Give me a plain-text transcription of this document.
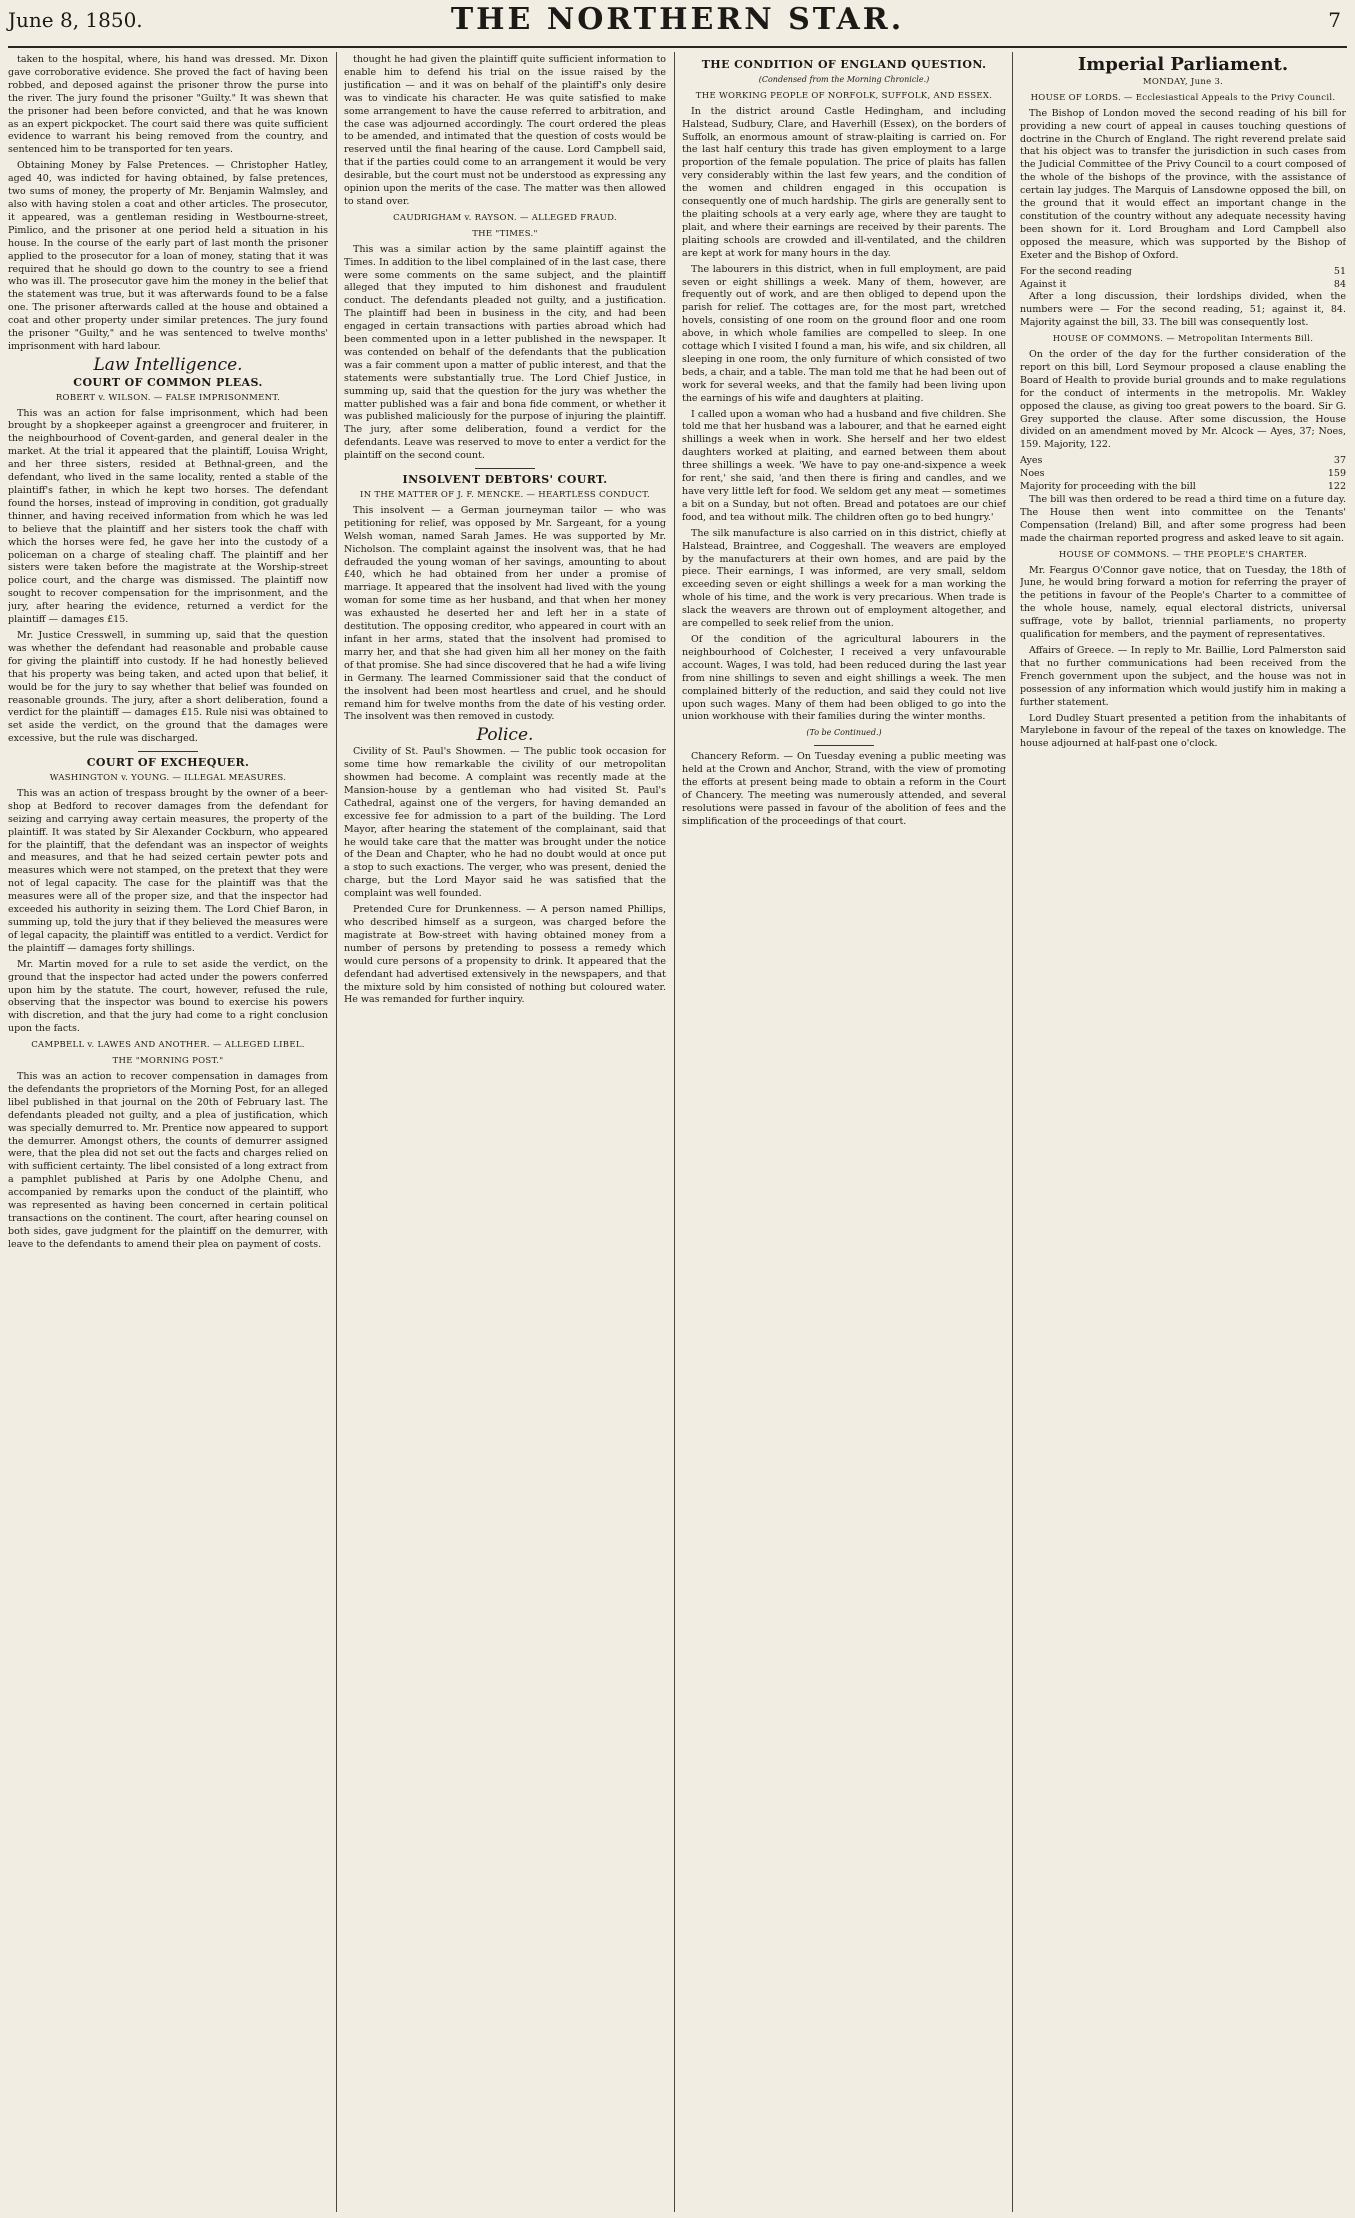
June 8, 1850.	THE NORTHERN STAR.	7

taken to the hospital, where, his hand was dressed. Mr. Dixon gave corroborative evidence. She proved the fact of having been robbed, and deposed against the prisoner throw the purse into the river. The jury found the prisoner "Guilty." It was shewn that the prisoner had been before convicted, and that he was known as an expert pickpocket. The court said there was quite sufficient evidence to warrant his being removed from the country, and sentenced him to be transported for ten years.

Obtaining Money by False Pretences. — Christopher Hatley, aged 40, was indicted for having obtained, by false pretences, two sums of money, the property of Mr. Benjamin Walmsley, and also with having stolen a coat and other articles. The prosecutor, it appeared, was a gentleman residing in Westbourne-street, Pimlico, and the prisoner at one period held a situation in his house. In the course of the early part of last month the prisoner applied to the prosecutor for a loan of money, stating that it was required that he should go down to the country to see a friend who was ill. The prosecutor gave him the money in the belief that the statement was true, but it was afterwards found to be a false one. The prisoner afterwards called at the house and obtained a coat and other property under similar pretences. The jury found the prisoner "Guilty," and he was sentenced to twelve months' imprisonment with hard labour.

Law Intelligence.
COURT OF COMMON PLEAS.
ROBERT v. WILSON. — FALSE IMPRISONMENT.

This was an action for false imprisonment, which had been brought by a shopkeeper against a greengrocer and fruiterer, in the neighbourhood of Covent-garden, and general dealer in the market. At the trial it appeared that the plaintiff, Louisa Wright, and her three sisters, resided at Bethnal-green, and the defendant, who lived in the same locality, rented a stable of the plaintiff's father, in which he kept two horses. The defendant found the horses, instead of improving in condition, got gradually thinner, and having received information from which he was led to believe that the plaintiff and her sisters took the chaff with which the horses were fed, he gave her into the custody of a policeman on a charge of stealing chaff. The plaintiff and her sisters were taken before the magistrate at the Worship-street police court, and the charge was dismissed. The plaintiff now sought to recover compensation for the imprisonment, and the jury, after hearing the evidence, returned a verdict for the plaintiff — damages £15.

Mr. Justice Cresswell, in summing up, said that the question was whether the defendant had reasonable and probable cause for giving the plaintiff into custody. If he had honestly believed that his property was being taken, and acted upon that belief, it would be for the jury to say whether that belief was founded on reasonable grounds. The jury, after a short deliberation, found a verdict for the plaintiff — damages £15. Rule nisi was obtained to set aside the verdict, on the ground that the damages were excessive, but the rule was discharged.

COURT OF EXCHEQUER.
WASHINGTON v. YOUNG. — ILLEGAL MEASURES.

This was an action of trespass brought by the owner of a beer-shop at Bedford to recover damages from the defendant for seizing and carrying away certain measures, the property of the plaintiff. It was stated by Sir Alexander Cockburn, who appeared for the plaintiff, that the defendant was an inspector of weights and measures, and that he had seized certain pewter pots and measures which were not stamped, on the pretext that they were not of legal capacity. The case for the plaintiff was that the measures were all of the proper size, and that the inspector had exceeded his authority in seizing them. The Lord Chief Baron, in summing up, told the jury that if they believed the measures were of legal capacity, the plaintiff was entitled to a verdict. Verdict for the plaintiff — damages forty shillings.

Mr. Martin moved for a rule to set aside the verdict, on the ground that the inspector had acted under the powers conferred upon him by the statute. The court, however, refused the rule, observing that the inspector was bound to exercise his powers with discretion, and that the jury had come to a right conclusion upon the facts.

CAMPBELL v. LAWES AND ANOTHER. — ALLEGED LIBEL.
THE "MORNING POST."

This was an action to recover compensation in damages from the defendants the proprietors of the Morning Post, for an alleged libel published in that journal on the 20th of February last. The defendants pleaded not guilty, and a plea of justification, which was specially demurred to. Mr. Prentice now appeared to support the demurrer. Amongst others, the counts of demurrer assigned were, that the plea did not set out the facts and charges relied on with sufficient certainty. The libel consisted of a long extract from a pamphlet published at Paris by one Adolphe Chenu, and accompanied by remarks upon the conduct of the plaintiff, who was represented as having been concerned in certain political transactions on the continent. The court, after hearing counsel on both sides, gave judgment for the plaintiff on the demurrer, with leave to the defendants to amend their plea on payment of costs.

thought he had given the plaintiff quite sufficient information to enable him to defend his trial on the issue raised by the justification — and it was on behalf of the plaintiff's only desire was to vindicate his character. He was quite satisfied to make some arrangement to have the cause referred to arbitration, and the case was adjourned accordingly. The court ordered the pleas to be amended, and intimated that the question of costs would be reserved until the final hearing of the cause. Lord Campbell said, that if the parties could come to an arrangement it would be very desirable, but the court must not be understood as expressing any opinion upon the merits of the case. The matter was then allowed to stand over.

CAUDRIGHAM v. RAYSON. — ALLEGED FRAUD.
THE "TIMES."

This was a similar action by the same plaintiff against the Times. In addition to the libel complained of in the last case, there were some comments on the same subject, and the plaintiff alleged that they imputed to him dishonest and fraudulent conduct. The defendants pleaded not guilty, and a justification. The plaintiff had been in business in the city, and had been engaged in certain transactions with parties abroad which had been commented upon in a letter published in the newspaper. It was contended on behalf of the defendants that the publication was a fair comment upon a matter of public interest, and that the statements were substantially true. The Lord Chief Justice, in summing up, said that the question for the jury was whether the matter published was a fair and bona fide comment, or whether it was published maliciously for the purpose of injuring the plaintiff. The jury, after some deliberation, found a verdict for the defendants. Leave was reserved to move to enter a verdict for the plaintiff on the second count.

INSOLVENT DEBTORS' COURT.
IN THE MATTER OF J. F. MENCKE. — HEARTLESS CONDUCT.

This insolvent — a German journeyman tailor — who was petitioning for relief, was opposed by Mr. Sargeant, for a young Welsh woman, named Sarah James. He was supported by Mr. Nicholson. The complaint against the insolvent was, that he had defrauded the young woman of her savings, amounting to about £40, which he had obtained from her under a promise of marriage. It appeared that the insolvent had lived with the young woman for some time as her husband, and that when her money was exhausted he deserted her and left her in a state of destitution. The opposing creditor, who appeared in court with an infant in her arms, stated that the insolvent had promised to marry her, and that she had given him all her money on the faith of that promise. She had since discovered that he had a wife living in Germany. The learned Commissioner said that the conduct of the insolvent had been most heartless and cruel, and he should remand him for twelve months from the date of his vesting order. The insolvent was then removed in custody.

Police.

Civility of St. Paul's Showmen. — The public took occasion for some time how remarkable the civility of our metropolitan showmen had become. A complaint was recently made at the Mansion-house by a gentleman who had visited St. Paul's Cathedral, against one of the vergers, for having demanded an excessive fee for admission to a part of the building. The Lord Mayor, after hearing the statement of the complainant, said that he would take care that the matter was brought under the notice of the Dean and Chapter, who he had no doubt would at once put a stop to such exactions. The verger, who was present, denied the charge, but the Lord Mayor said he was satisfied that the complaint was well founded.

Pretended Cure for Drunkenness. — A person named Phillips, who described himself as a surgeon, was charged before the magistrate at Bow-street with having obtained money from a number of persons by pretending to possess a remedy which would cure persons of a propensity to drink. It appeared that the defendant had advertised extensively in the newspapers, and that the mixture sold by him consisted of nothing but coloured water. He was remanded for further inquiry.

THE CONDITION OF ENGLAND QUESTION.
(Condensed from the Morning Chronicle.)
THE WORKING PEOPLE OF NORFOLK, SUFFOLK, AND ESSEX.

In the district around Castle Hedingham, and including Halstead, Sudbury, Clare, and Haverhill (Essex), on the borders of Suffolk, an enormous amount of straw-plaiting is carried on. For the last half century this trade has given employment to a large proportion of the female population. The price of plaits has fallen very considerably within the last few years, and the condition of the women and children engaged in this occupation is consequently one of much hardship. The girls are generally sent to the plaiting schools at a very early age, where they are taught to plait, and where their earnings are received by their parents. The plaiting schools are crowded and ill-ventilated, and the children are kept at work for many hours in the day.

The labourers in this district, when in full employment, are paid seven or eight shillings a week. Many of them, however, are frequently out of work, and are then obliged to depend upon the parish for relief. The cottages are, for the most part, wretched hovels, consisting of one room on the ground floor and one room above, in which whole families are compelled to sleep. In one cottage which I visited I found a man, his wife, and six children, all sleeping in one room, the only furniture of which consisted of two beds, a chair, and a table. The man told me that he had been out of work for several weeks, and that the family had been living upon the earnings of his wife and daughters at plaiting.

I called upon a woman who had a husband and five children. She told me that her husband was a labourer, and that he earned eight shillings a week when in work. She herself and her two eldest daughters worked at plaiting, and earned between them about three shillings a week. 'We have to pay one-and-sixpence a week for rent,' she said, 'and then there is firing and candles, and we have very little left for food. We seldom get any meat — sometimes a bit on a Sunday, but not often. Bread and potatoes are our chief food, and tea without milk. The children often go to bed hungry.'

The silk manufacture is also carried on in this district, chiefly at Halstead, Braintree, and Coggeshall. The weavers are employed by the manufacturers at their own homes, and are paid by the piece. Their earnings, I was informed, are very small, seldom exceeding seven or eight shillings a week for a man working the whole of his time, and the work is very precarious. When trade is slack the weavers are thrown out of employment altogether, and are compelled to seek relief from the union.

Of the condition of the agricultural labourers in the neighbourhood of Colchester, I received a very unfavourable account. Wages, I was told, had been reduced during the last year from nine shillings to seven and eight shillings a week. The men complained bitterly of the reduction, and said they could not live upon such wages. Many of them had been obliged to go into the union workhouse with their families during the winter months.

(To be Continued.)

Chancery Reform. — On Tuesday evening a public meeting was held at the Crown and Anchor, Strand, with the view of promoting the efforts at present being made to obtain a reform in the Court of Chancery. The meeting was numerously attended, and several resolutions were passed in favour of the abolition of fees and the simplification of the proceedings of that court.

Imperial Parliament.
MONDAY, June 3.
HOUSE OF LORDS. — Ecclesiastical Appeals to the Privy Council.

The Bishop of London moved the second reading of his bill for providing a new court of appeal in causes touching questions of doctrine in the Church of England. The right reverend prelate said that his object was to transfer the jurisdiction in such cases from the Judicial Committee of the Privy Council to a court composed of the whole of the bishops of the province, with the assistance of certain lay judges. The Marquis of Lansdowne opposed the bill, on the ground that it would effect an important change in the constitution of the country without any adequate necessity having been shown for it. Lord Brougham and Lord Campbell also opposed the measure, which was supported by the Bishop of Exeter and the Bishop of Oxford.

For the second reading	51
Against it	84

After a long discussion, their lordships divided, when the numbers were — For the second reading, 51; against it, 84. Majority against the bill, 33. The bill was consequently lost.

HOUSE OF COMMONS. — Metropolitan Interments Bill.

On the order of the day for the further consideration of the report on this bill, Lord Seymour proposed a clause enabling the Board of Health to provide burial grounds and to make regulations for the conduct of interments in the metropolis. Mr. Wakley opposed the clause, as giving too great powers to the board. Sir G. Grey supported the clause. After some discussion, the House divided on an amendment moved by Mr. Alcock — Ayes, 37; Noes, 159. Majority, 122.

Ayes	37
Noes	159
Majority for proceeding with the bill	122

The bill was then ordered to be read a third time on a future day. The House then went into committee on the Tenants' Compensation (Ireland) Bill, and after some progress had been made the chairman reported progress and asked leave to sit again.

HOUSE OF COMMONS. — THE PEOPLE'S CHARTER.

Mr. Feargus O'Connor gave notice, that on Tuesday, the 18th of June, he would bring forward a motion for referring the prayer of the petitions in favour of the People's Charter to a committee of the whole house, namely, equal electoral districts, universal suffrage, vote by ballot, triennial parliaments, no property qualification for members, and the payment of representatives.

Affairs of Greece. — In reply to Mr. Baillie, Lord Palmerston said that no further communications had been received from the French government upon the subject, and the house was not in possession of any information which would justify him in making a further statement.

Lord Dudley Stuart presented a petition from the inhabitants of Marylebone in favour of the repeal of the taxes on knowledge. The house adjourned at half-past one o'clock.
